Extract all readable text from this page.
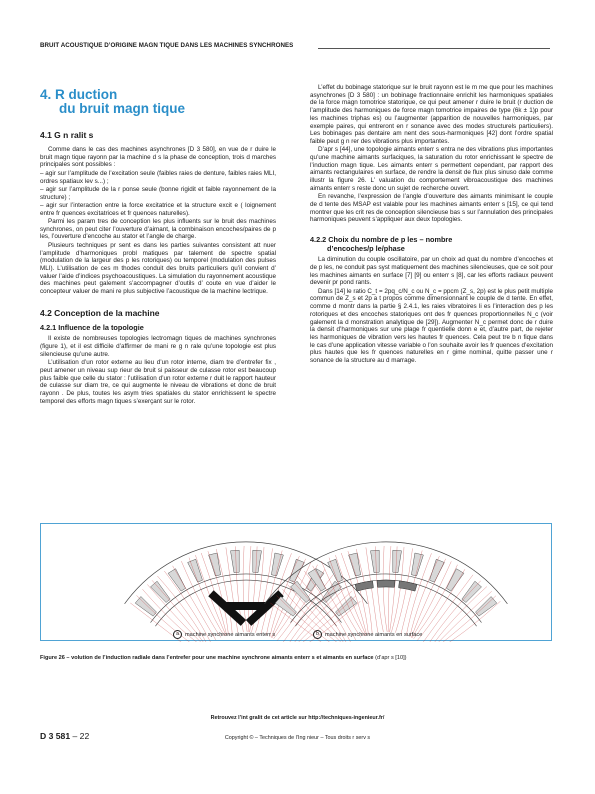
BRUIT ACOUSTIQUE D’ORIGINE MAGN TIQUE DANS LES MACHINES SYNCHRONES
4. R duction
du bruit magn tique
4.1 G n ralit s

Comme dans le cas des machines asynchrones [D 3 580], en vue de r duire le bruit magn tique rayonn par la machine d s la phase de conception, trois d marches principales sont possibles :

– agir sur l’amplitude de l’excitation seule (faibles raies de denture, faibles raies MLI, ordres spatiaux lev s...) ;

– agir sur l’amplitude de la r ponse seule (bonne rigidit et faible rayonnement de la structure) ;

– agir sur l’interaction entre la force excitatrice et la structure excit e ( loignement entre fr quences excitatrices et fr quences naturelles).

Parmi les param tres de conception les plus influents sur le bruit des machines synchrones, on peut citer l’ouverture d’aimant, la combinaison encoches/paires de p les, l’ouverture d’encoche au stator et l’angle de charge.

Plusieurs techniques pr sent es dans les parties suivantes consistent att nuer l’amplitude d’harmoniques probl matiques par talement de spectre spatial (modulation de la largeur des p les rotoriques) ou temporel (modulation des pulses MLI). L’utilisation de ces m thodes conduit des bruits particuliers qu’il convient d’ valuer l’aide d’indices psychoacoustiques. La simulation du rayonnement acoustique des machines peut galement s’accompagner d’outils d’ coute en vue d’aider le concepteur valuer de mani re plus subjective l’acoustique de la machine lectrique.

4.2 Conception de la machine
4.2.1 Influence de la topologie

Il existe de nombreuses topologies lectromagn tiques de machines synchrones (figure 1), et il est difficile d’affirmer de mani re g n rale qu’une topologie est plus silencieuse qu’une autre.

L’utilisation d’un rotor externe au lieu d’un rotor interne, diam tre d’entrefer fix , peut amener un niveau sup rieur de bruit si paisseur de culasse rotor est beaucoup plus faible que celle du stator : l’utilisation d’un rotor externe r duit le rapport hauteur de culasse sur diam tre, ce qui augmente le niveau de vibrations et donc de bruit rayonn . De plus, toutes les asym tries spatiales du stator enrichissent le spectre temporel des efforts magn tiques s’exerçant sur le rotor.

L’effet du bobinage statorique sur le bruit rayonn est le m me que pour les machines asynchrones [D 3 580] : un bobinage fractionnaire enrichit les harmoniques spatiales de la force magn tomotrice statorique, ce qui peut amener r duire le bruit (r duction de l’amplitude des harmoniques de force magn tomotrice impaires de type (6k ± 1)p pour les machines triphas es) ou l’augmenter (apparition de nouvelles harmoniques, par exemple paires, qui entreront en r sonance avec des modes structurels particuliers). Les bobinages pas dentaire am nent des sous-harmoniques [42] dont l’ordre spatial faible peut g n rer des vibrations plus importantes.

D’apr s [44], une topologie aimants enterr s entra ne des vibrations plus importantes qu’une machine aimants surfaciques, la saturation du rotor enrichissant le spectre de l’induction magn tique. Les aimants enterr s permettent cependant, par rapport des aimants rectangulaires en surface, de rendre la densit de flux plus sinuso dale comme illustr la figure 26. L’ valuation du comportement vibroacoustique des machines aimants enterr s reste donc un sujet de recherche ouvert.

En revanche, l’expression de l’angle d’ouverture des aimants minimisant le couple de d tente des MSAP est valable pour les machines aimants enterr s [15], ce qui tend montrer que les crit res de conception silencieuse bas s sur l’annulation des principales harmoniques peuvent s’appliquer aux deux topologies.

4.2.2 Choix du nombre de p les – nombre
d’encoches/p le/phase

La diminution du couple oscillatoire, par un choix ad quat du nombre d’encoches et de p les, ne conduit pas syst matiquement des machines silencieuses, que ce soit pour les machines aimants en surface [7] [9] ou enterr s [8], car les efforts radiaux peuvent devenir pr pond rants.

Dans [14] le ratio C_t = 2pq_c/N_c ou N_c = ppcm (Z_s, 2p) est le plus petit multiple commun de Z_s et 2p a t propos comme dimensionnant le couple de d tente. En effet, comme d montr dans la partie § 2.4.1, les raies vibratoires li es l’interaction des p les rotoriques et des encoches statoriques ont des fr quences proportionnelles N_c (voir galement la d monstration analytique de [29]). Augmenter N_c permet donc de r duire la densit d’harmoniques sur une plage fr quentielle donn e et, d’autre part, de rejeter les harmoniques de vibration vers les hautes fr quences. Cela peut tre b n fique dans le cas d’une application vitesse variable o l’on souhaite avoir les fr quences d’excitation plus hautes que les fr quences naturelles en r gime nominal, quitte passer une r sonance de la structure au d marrage.

a	machine synchrone aimants enterr s	b	machine synchrone aimants en surface
Figure 26 – volution de l’induction radiale dans l’entrefer pour une machine synchrone aimants enterr s et aimants en surface (d’apr s [10])
Retrouvez l’int gralit de cet article sur http://techniques-ingenieur.fr/
D 3 581 – 22	Copyright © – Techniques de l’Ing nieur – Tous droits r serv s
